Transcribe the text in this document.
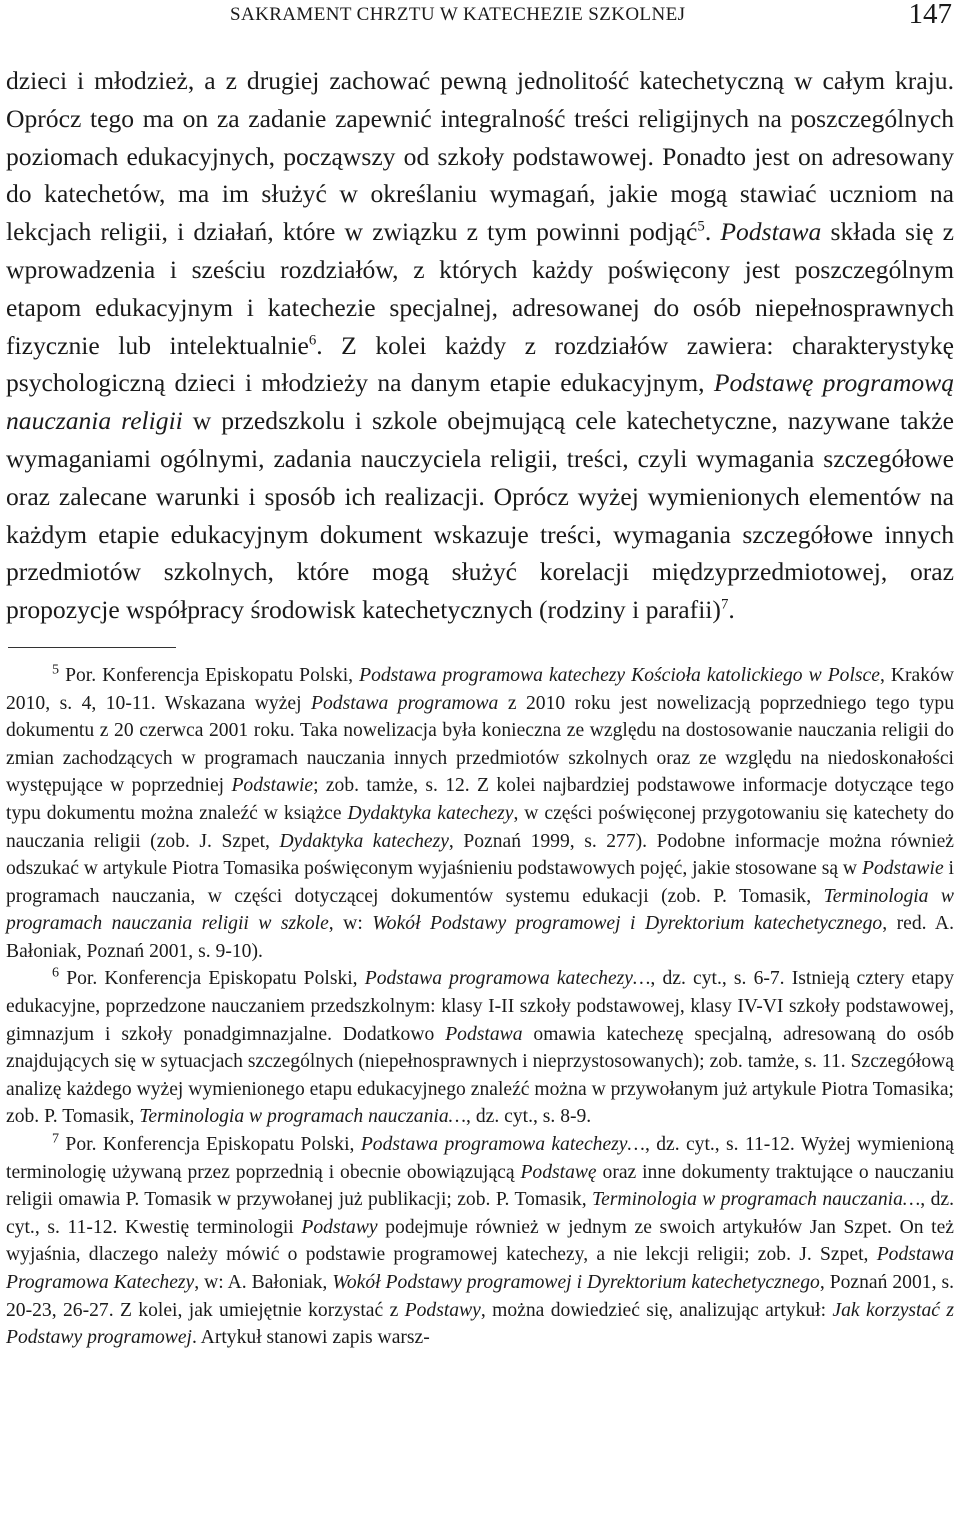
SAKRAMENT CHRZTU W KATECHEZIE SZKOLNEJ	147

dzieci i młodzież, a z drugiej zachować pewną jednolitość katechetyczną w całym kraju. Oprócz tego ma on za zadanie zapewnić integralność treści religijnych na poszczególnych poziomach edukacyjnych, począwszy od szkoły podstawowej. Ponadto jest on adresowany do katechetów, ma im służyć w określaniu wymagań, jakie mogą stawiać uczniom na lekcjach religii, i działań, które w związku z tym powinni podjąć$^5$. Podstawa składa się z wprowadzenia i sześciu rozdziałów, z których każdy poświęcony jest poszczególnym etapom edukacyjnym i katechezie specjalnej, adresowanej do osób niepełnosprawnych fizycznie lub intelektualnie$^6$. Z kolei każdy z rozdziałów zawiera: charakterystykę psychologiczną dzieci i młodzieży na danym etapie edukacyjnym, Podstawę programową nauczania religii w przedszkolu i szkole obejmującą cele katechetyczne, nazywane także wymaganiami ogólnymi, zadania nauczyciela religii, treści, czyli wymagania szczegółowe oraz zalecane warunki i sposób ich realizacji. Oprócz wyżej wymienionych elementów na każdym etapie edukacyjnym dokument wskazuje treści, wymagania szczegółowe innych przedmiotów szkolnych, które mogą służyć korelacji międzyprzedmiotowej, oraz propozycje współpracy środowisk katechetycznych (rodziny i parafii)$^7$.

$^5$ Por. Konferencja Episkopatu Polski, Podstawa programowa katechezy Kościoła katolickiego w Polsce, Kraków 2010, s. 4, 10-11. Wskazana wyżej Podstawa programowa z 2010 roku jest nowelizacją poprzedniego tego typu dokumentu z 20 czerwca 2001 roku. Taka nowelizacja była konieczna ze względu na dostosowanie nauczania religii do zmian zachodzących w programach nauczania innych przedmiotów szkolnych oraz ze względu na niedoskonałości występujące w poprzedniej Podstawie; zob. tamże, s. 12. Z kolei najbardziej podstawowe informacje dotyczące tego typu dokumentu można znaleźć w książce Dydaktyka katechezy, w części poświęconej przygotowaniu się katechety do nauczania religii (zob. J. Szpet, Dydaktyka katechezy, Poznań 1999, s. 277). Podobne informacje można również odszukać w artykule Piotra Tomasika poświęconym wyjaśnieniu podstawowych pojęć, jakie stosowane są w Podstawie i programach nauczania, w części dotyczącej dokumentów systemu edukacji (zob. P. Tomasik, Terminologia w programach nauczania religii w szkole, w: Wokół Podstawy programowej i Dyrektorium katechetycznego, red. A. Bałoniak, Poznań 2001, s. 9-10).

$^6$ Por. Konferencja Episkopatu Polski, Podstawa programowa katechezy…, dz. cyt., s. 6-7. Istnieją cztery etapy edukacyjne, poprzedzone nauczaniem przedszkolnym: klasy I-II szkoły podstawowej, klasy IV-VI szkoły podstawowej, gimnazjum i szkoły ponadgimnazjalne. Dodatkowo Podstawa omawia katechezę specjalną, adresowaną do osób znajdujących się w sytuacjach szczególnych (niepełnosprawnych i nieprzystosowanych); zob. tamże, s. 11. Szczegółową analizę każdego wyżej wymienionego etapu edukacyjnego znaleźć można w przywołanym już artykule Piotra Tomasika; zob. P. Tomasik, Terminologia w programach nauczania…, dz. cyt., s. 8-9.

$^7$ Por. Konferencja Episkopatu Polski, Podstawa programowa katechezy…, dz. cyt., s. 11-12. Wyżej wymienioną terminologię używaną przez poprzednią i obecnie obowiązującą Podstawę oraz inne dokumenty traktujące o nauczaniu religii omawia P. Tomasik w przywołanej już publikacji; zob. P. Tomasik, Terminologia w programach nauczania…, dz. cyt., s. 11-12. Kwestię terminologii Podstawy podejmuje również w jednym ze swoich artykułów Jan Szpet. On też wyjaśnia, dlaczego należy mówić o podstawie programowej katechezy, a nie lekcji religii; zob. J. Szpet, Podstawa Programowa Katechezy, w: A. Bałoniak, Wokół Podstawy programowej i Dyrektorium katechetycznego, Poznań 2001, s. 20-23, 26-27. Z kolei, jak umiejętnie korzystać z Podstawy, można dowiedzieć się, analizując artykuł: Jak korzystać z Podstawy programowej. Artykuł stanowi zapis warsz-
